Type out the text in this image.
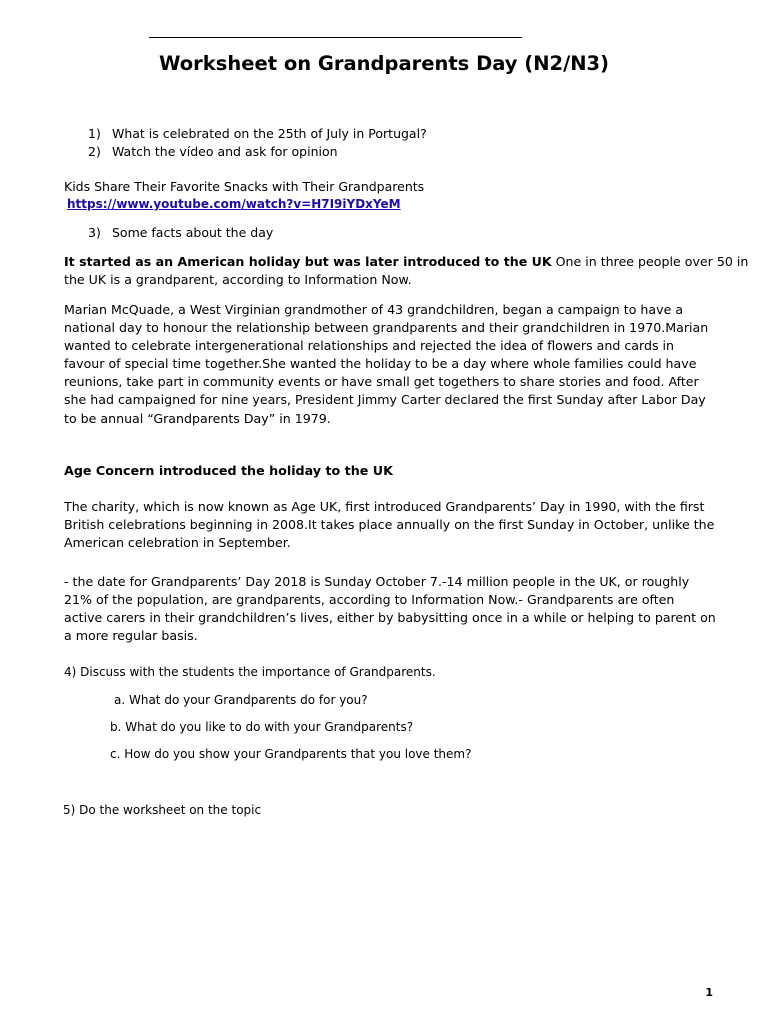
Worksheet on Grandparents Day (N2/N3)
1) What is celebrated on the 25th of July in Portugal?
2) Watch the vídeo and ask for opinion
Kids Share Their Favorite Snacks with Their Grandparents
https://www.youtube.com/watch?v=H7I9iYDxYeM
3) Some facts about the day
It started as an American holiday but was later introduced to the UK One in three people over 50 in
the UK is a grandparent, according to Information Now.
Marian McQuade, a West Virginian grandmother of 43 grandchildren, began a campaign to have a
national day to honour the relationship between grandparents and their grandchildren in 1970.Marian
wanted to celebrate intergenerational relationships and rejected the idea of flowers and cards in
favour of special time together.She wanted the holiday to be a day where whole families could have
reunions, take part in community events or have small get togethers to share stories and food. After
she had campaigned for nine years, President Jimmy Carter declared the first Sunday after Labor Day
to be annual “Grandparents Day” in 1979.
Age Concern introduced the holiday to the UK
The charity, which is now known as Age UK, first introduced Grandparents’ Day in 1990, with the first
British celebrations beginning in 2008.It takes place annually on the first Sunday in October, unlike the
American celebration in September.
- the date for Grandparents’ Day 2018 is Sunday October 7.-14 million people in the UK, or roughly
21% of the population, are grandparents, according to Information Now.- Grandparents are often
active carers in their grandchildren’s lives, either by babysitting once in a while or helping to parent on
a more regular basis.
4) Discuss with the students the importance of Grandparents.
a. What do your Grandparents do for you?
b. What do you like to do with your Grandparents?
c. How do you show your Grandparents that you love them?
5) Do the worksheet on the topic
1
